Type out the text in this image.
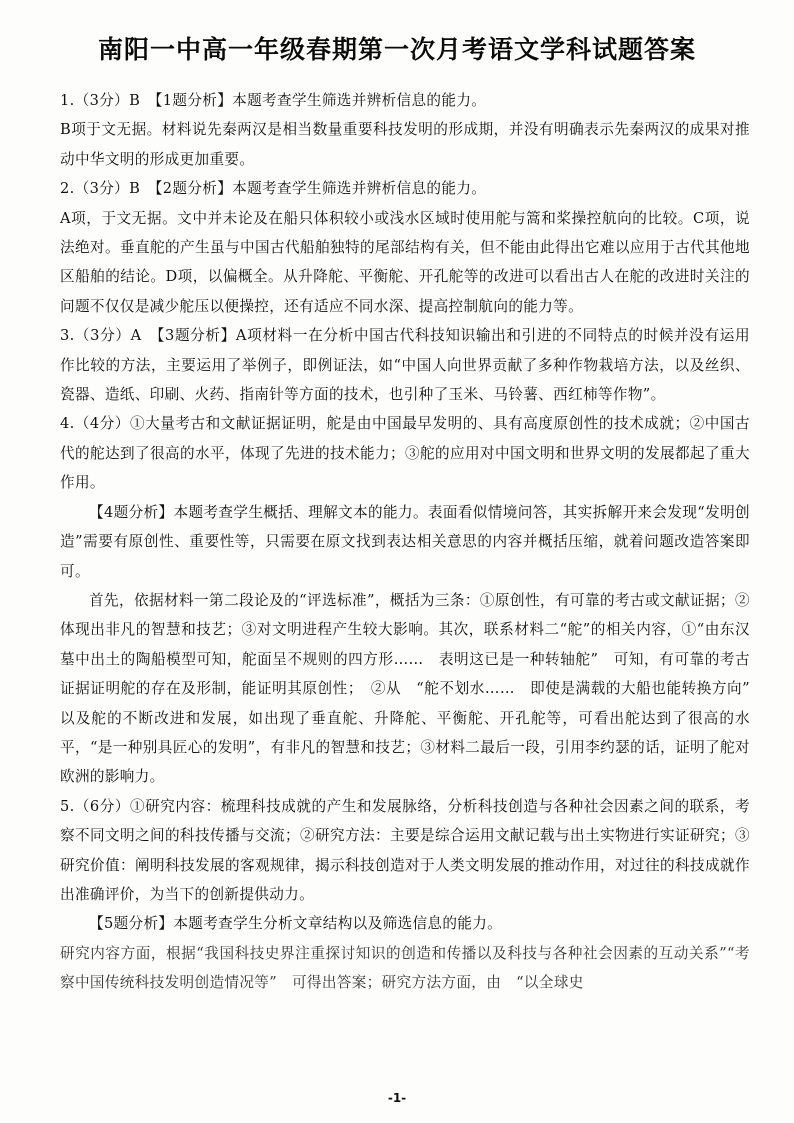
南阳一中高一年级春期第一次月考语文学科试题答案

1.（3分）B　【1题分析】本题考查学生筛选并辨析信息的能力。

B项于文无据。材料说先秦两汉是相当数量重要科技发明的形成期，并没有明确表示先秦两汉的成果对推动中华文明的形成更加重要。

2.（3分）B　【2题分析】本题考查学生筛选并辨析信息的能力。

A项，于文无据。文中并未论及在船只体积较小或浅水区域时使用舵与篙和桨操控航向的比较。C项，说法绝对。垂直舵的产生虽与中国古代船舶独特的尾部结构有关，但不能由此得出它难以应用于古代其他地区船舶的结论。D项，以偏概全。从升降舵、平衡舵、开孔舵等的改进可以看出古人在舵的改进时关注的问题不仅仅是减少舵压以便操控，还有适应不同水深、提高控制航向的能力等。

3.（3分）A　【3题分析】A项材料一在分析中国古代科技知识输出和引进的不同特点的时候并没有运用作比较的方法，主要运用了举例子，即例证法，如“中国人向世界贡献了多种作物栽培方法，以及丝织、瓷器、造纸、印刷、火药、指南针等方面的技术，也引种了玉米、马铃薯、西红柿等作物”。

4.（4分）①大量考古和文献证据证明，舵是由中国最早发明的、具有高度原创性的技术成就；②中国古代的舵达到了很高的水平，体现了先进的技术能力；③舵的应用对中国文明和世界文明的发展都起了重大作用。

【4题分析】本题考查学生概括、理解文本的能力。表面看似情境问答，其实拆解开来会发现“发明创造”需要有原创性、重要性等，只需要在原文找到表达相关意思的内容并概括压缩，就着问题改造答案即可。

首先，依据材料一第二段论及的“评选标准”，概括为三条：①原创性，有可靠的考古或文献证据；②体现出非凡的智慧和技艺；③对文明进程产生较大影响。其次，联系材料二“舵”的相关内容，①“由东汉墓中出土的陶船模型可知，舵面呈不规则的四方形……　表明这已是一种转轴舵”　可知，有可靠的考古证据证明舵的存在及形制，能证明其原创性；　②从　“舵不划水……　即使是满载的大船也能转换方向”　以及舵的不断改进和发展，如出现了垂直舵、升降舵、平衡舵、开孔舵等，可看出舵达到了很高的水平，“是一种别具匠心的发明”，有非凡的智慧和技艺；③材料二最后一段，引用李约瑟的话，证明了舵对欧洲的影响力。

5.（6分）①研究内容：梳理科技成就的产生和发展脉络，分析科技创造与各种社会因素之间的联系，考察不同文明之间的科技传播与交流；②研究方法：主要是综合运用文献记载与出土实物进行实证研究；③研究价值：阐明科技发展的客观规律，揭示科技创造对于人类文明发展的推动作用，对过往的科技成就作出准确评价，为当下的创新提供动力。

【5题分析】本题考查学生分析文章结构以及筛选信息的能力。

研究内容方面，根据“我国科技史界注重探讨知识的创造和传播以及科技与各种社会因素的互动关系”“考察中国传统科技发明创造情况等”　可得出答案；研究方法方面，由　“以全球史

-1-
